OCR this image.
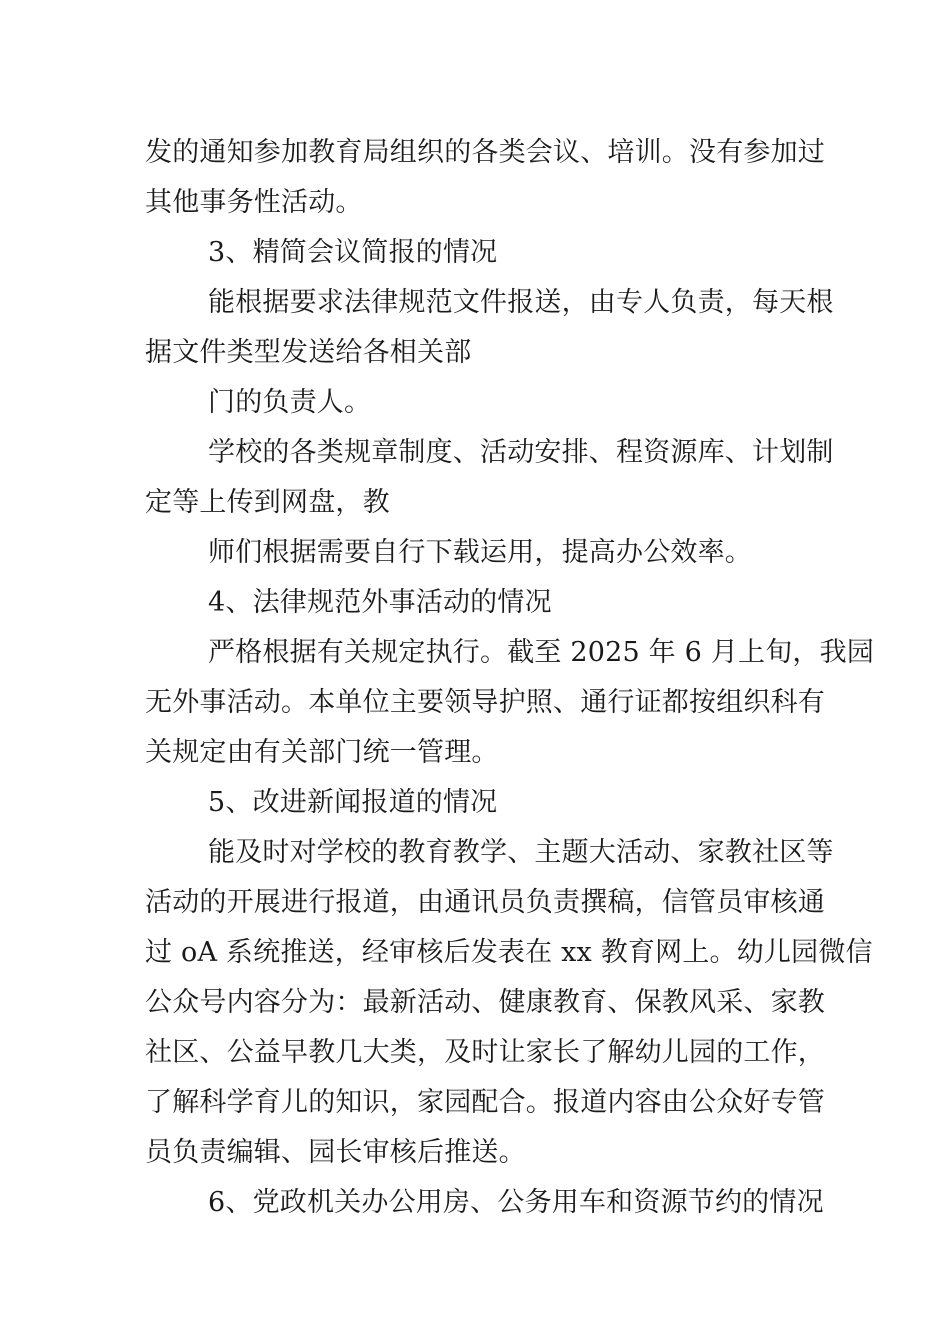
发的通知参加教育局组织的各类会议、培训。没有参加过
其他事务性活动。
3、精简会议简报的情况
能根据要求法律规范文件报送，由专人负责，每天根
据文件类型发送给各相关部
门的负责人。
学校的各类规章制度、活动安排、程资源库、计划制
定等上传到网盘，教
师们根据需要自行下载运用，提高办公效率。
4、法律规范外事活动的情况
严格根据有关规定执行。截至 2025 年 6 月上旬，我园
无外事活动。本单位主要领导护照、通行证都按组织科有
关规定由有关部门统一管理。
5、改进新闻报道的情况
能及时对学校的教育教学、主题大活动、家教社区等
活动的开展进行报道，由通讯员负责撰稿，信管员审核通
过 oA 系统推送，经审核后发表在 xx 教育网上。幼儿园微信
公众号内容分为：最新活动、健康教育、保教风采、家教
社区、公益早教几大类，及时让家长了解幼儿园的工作，
了解科学育儿的知识，家园配合。报道内容由公众好专管
员负责编辑、园长审核后推送。
6、党政机关办公用房、公务用车和资源节约的情况
